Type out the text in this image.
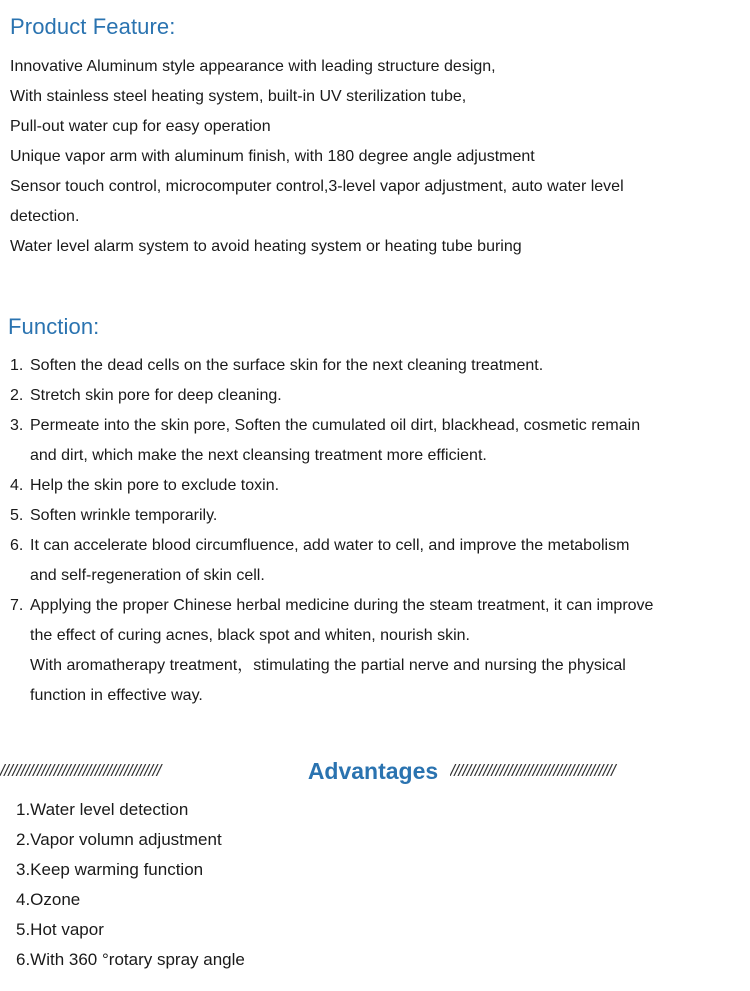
Product Feature:
Innovative Aluminum style appearance with leading structure design,
With stainless steel heating system, built-in UV sterilization tube,
Pull-out water cup for easy operation
Unique vapor arm with aluminum finish, with 180 degree angle adjustment
Sensor touch control, microcomputer control,3-level vapor adjustment, auto water level
detection.
Water level alarm system to avoid heating system or heating tube buring
Function:
1. Soften the dead cells on the surface skin for the next cleaning treatment.
2. Stretch skin pore for deep cleaning.
3. Permeate into the skin pore, Soften the cumulated oil dirt, blackhead, cosmetic remain
and dirt, which make the next cleansing treatment more efficient.
4. Help the skin pore to exclude toxin.
5. Soften wrinkle temporarily.
6. It can accelerate blood circumfluence, add water to cell, and improve the metabolism
and self-regeneration of skin cell.
7. Applying the proper Chinese herbal medicine during the steam treatment, it can improve
the effect of curing acnes, black spot and whiten, nourish skin.
With aromatherapy treatment，stimulating the partial nerve and nursing the physical
function in effective way.
///////////////////////////////////////	Advantages ////////////////////////////////////////
1.Water level detection
2.Vapor volumn adjustment
3.Keep warming function
4.Ozone
5.Hot vapor
6.With 360 °rotary spray angle
